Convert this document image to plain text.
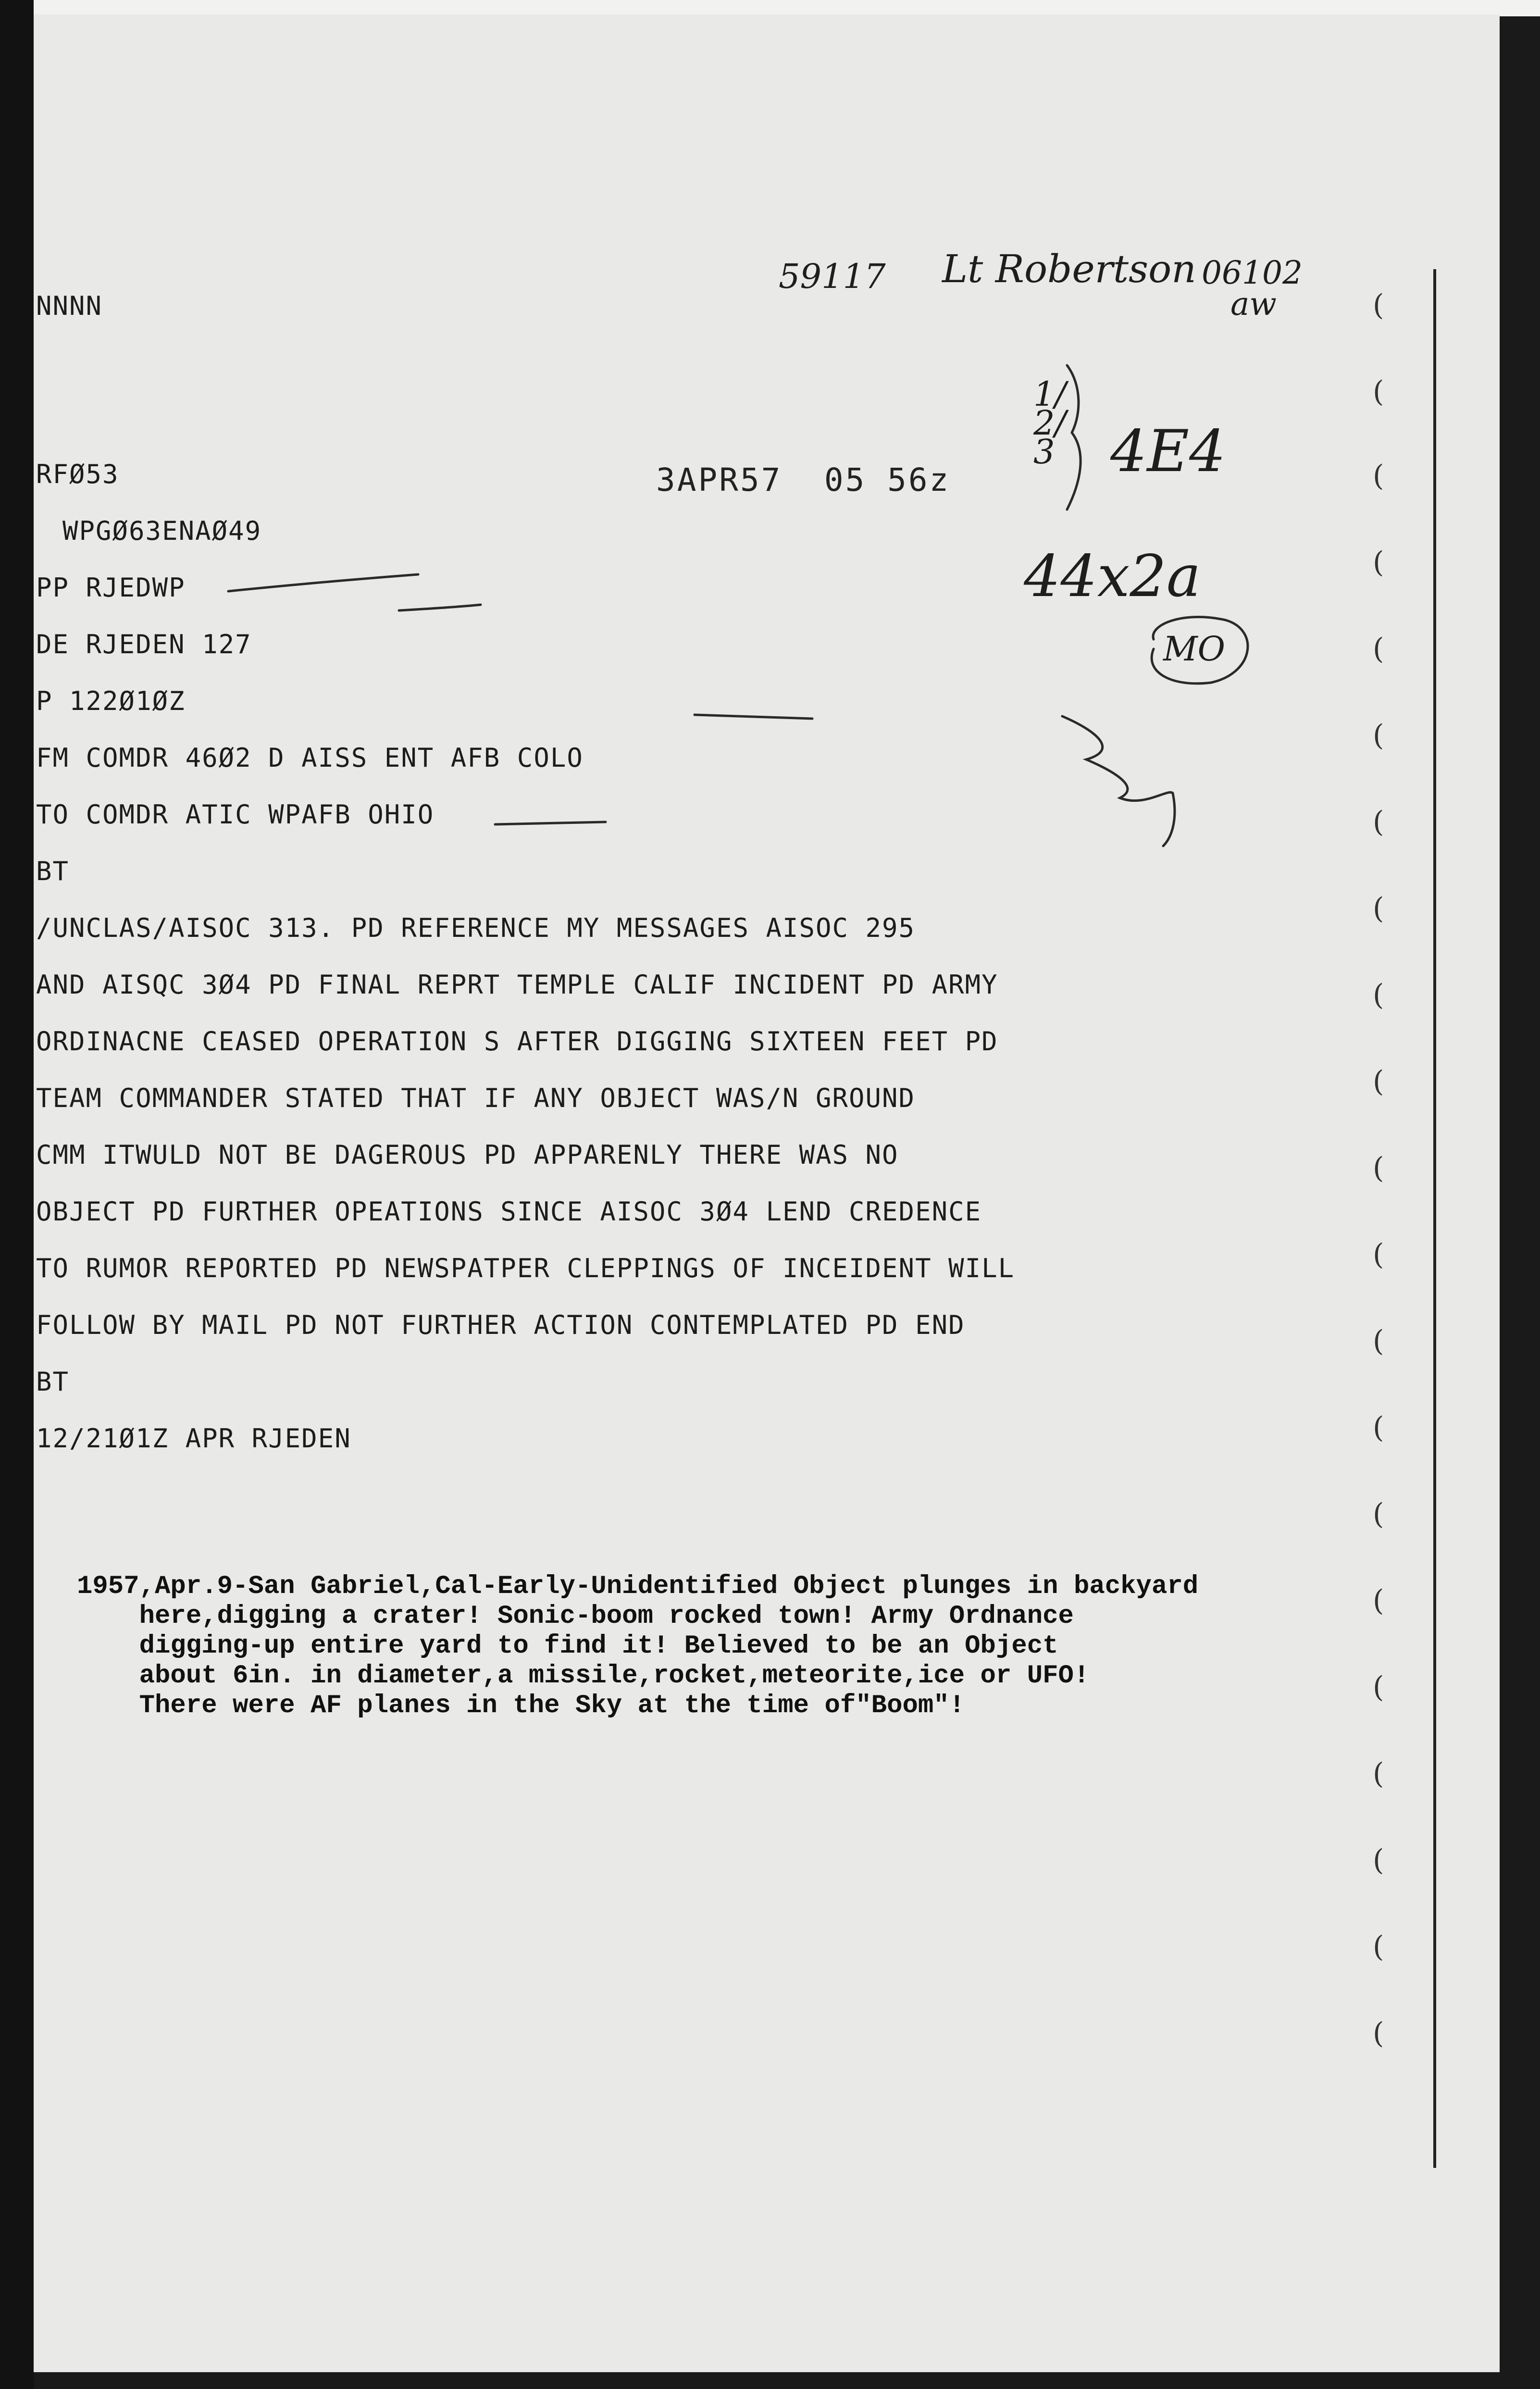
(
(
(
(
(
(
(
(
(
(
(
(
(
(
(
(
(
(
(
(
(
59117 Lt Robertson 06102
aw
1/2/3 4E4
44x2a
MO
3APR57  05 56z

NNNN

RFØ53

WPGØ63ENAØ49

PP RJEDWP

DE RJEDEN 127

P 122Ø1ØZ

FM COMDR 46Ø2 D AISS ENT AFB COLO

TO COMDR ATIC WPAFB OHIO

BT

/UNCLAS/AISOC 313. PD REFERENCE MY MESSAGES AISOC 295

AND AISQC 3Ø4 PD FINAL REPRT TEMPLE CALIF INCIDENT PD ARMY

ORDINACNE CEASED OPERATION S AFTER DIGGING SIXTEEN FEET PD

TEAM COMMANDER STATED THAT IF ANY OBJECT WAS/N GROUND

CMM ITWULD NOT BE DAGEROUS PD APPARENLY THERE WAS NO

OBJECT PD FURTHER OPEATIONS SINCE AISOC 3Ø4 LEND CREDENCE

TO RUMOR REPORTED PD NEWSPATPER CLEPPINGS OF INCEIDENT WILL

FOLLOW BY MAIL PD NOT FURTHER ACTION CONTEMPLATED PD END

BT

12/21Ø1Z APR RJEDEN

1957,Apr.9-San Gabriel,Cal-Early-Unidentified Object plunges in backyard

here,digging a crater! Sonic-boom rocked town! Army Ordnance

digging-up entire yard to find it! Believed to be an Object

about 6in. in diameter,a missile,rocket,meteorite,ice or UFO!

There were AF planes in the Sky at the time of"Boom"!
